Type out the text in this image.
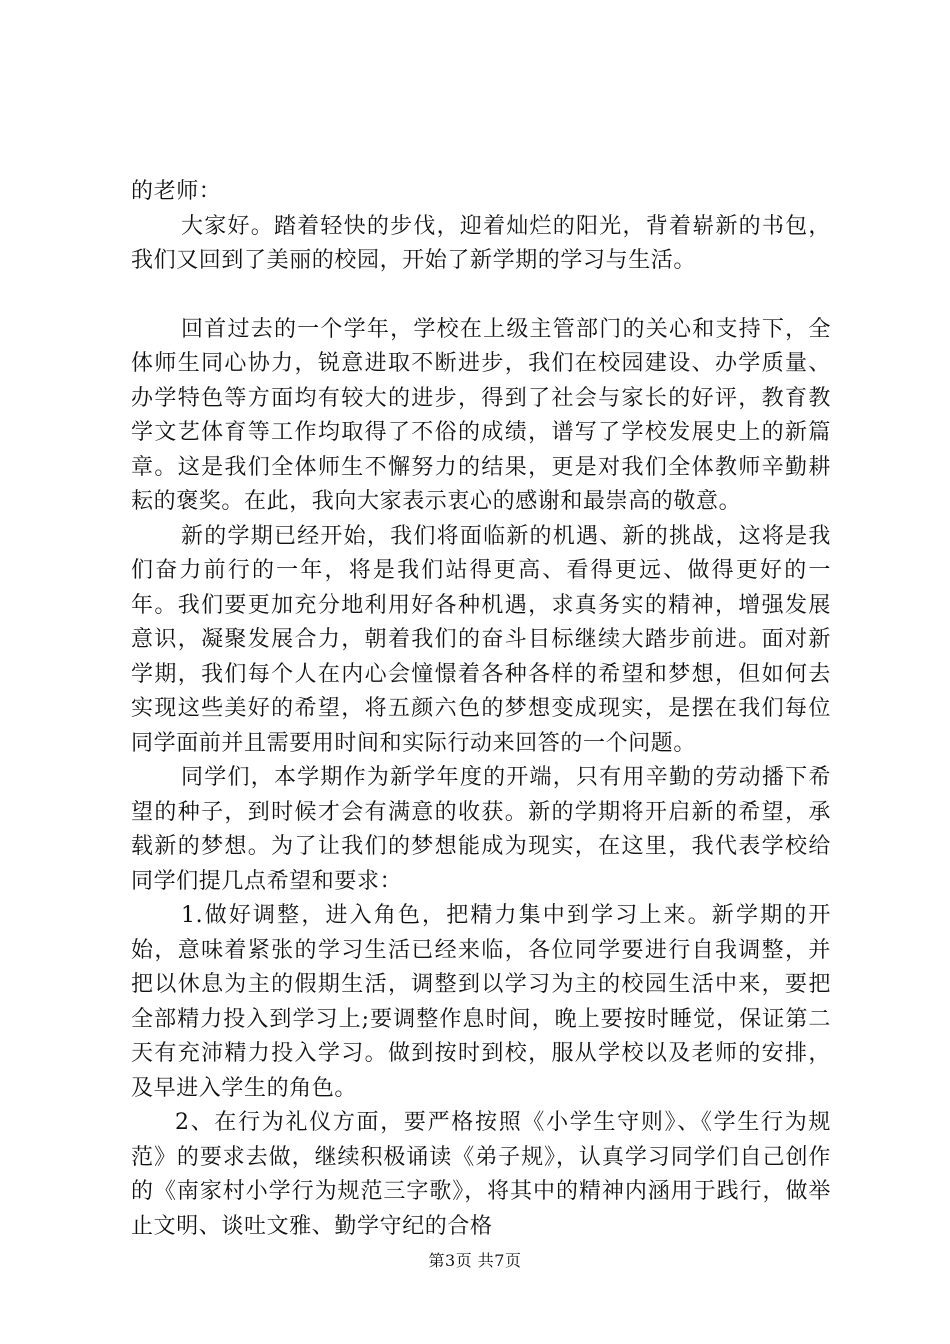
的老师：

大家好。踏着轻快的步伐，迎着灿烂的阳光，背着崭新的书包，我们又回到了美丽的校园，开始了新学期的学习与生活。

回首过去的一个学年，学校在上级主管部门的关心和支持下，全体师生同心协力，锐意进取不断进步，我们在校园建设、办学质量、办学特色等方面均有较大的进步，得到了社会与家长的好评，教育教学文艺体育等工作均取得了不俗的成绩，谱写了学校发展史上的新篇章。这是我们全体师生不懈努力的结果，更是对我们全体教师辛勤耕耘的褒奖。在此，我向大家表示衷心的感谢和最崇高的敬意。

新的学期已经开始，我们将面临新的机遇、新的挑战，这将是我们奋力前行的一年，将是我们站得更高、看得更远、做得更好的一年。我们要更加充分地利用好各种机遇，求真务实的精神，增强发展意识，凝聚发展合力，朝着我们的奋斗目标继续大踏步前进。面对新学期，我们每个人在内心会憧憬着各种各样的希望和梦想，但如何去实现这些美好的希望，将五颜六色的梦想变成现实，是摆在我们每位同学面前并且需要用时间和实际行动来回答的一个问题。

同学们，本学期作为新学年度的开端，只有用辛勤的劳动播下希望的种子，到时候才会有满意的收获。新的学期将开启新的希望，承载新的梦想。为了让我们的梦想能成为现实，在这里，我代表学校给同学们提几点希望和要求：

1.做好调整，进入角色，把精力集中到学习上来。新学期的开始，意味着紧张的学习生活已经来临，各位同学要进行自我调整，并把以休息为主的假期生活，调整到以学习为主的校园生活中来，要把全部精力投入到学习上;要调整作息时间，晚上要按时睡觉，保证第二天有充沛精力投入学习。做到按时到校，服从学校以及老师的安排，及早进入学生的角色。

2、在行为礼仪方面，要严格按照《小学生守则》、《学生行为规范》的要求去做，继续积极诵读《弟子规》，认真学习同学们自己创作的《南家村小学行为规范三字歌》，将其中的精神内涵用于践行，做举止文明、谈吐文雅、勤学守纪的合格

第3页 共7页
